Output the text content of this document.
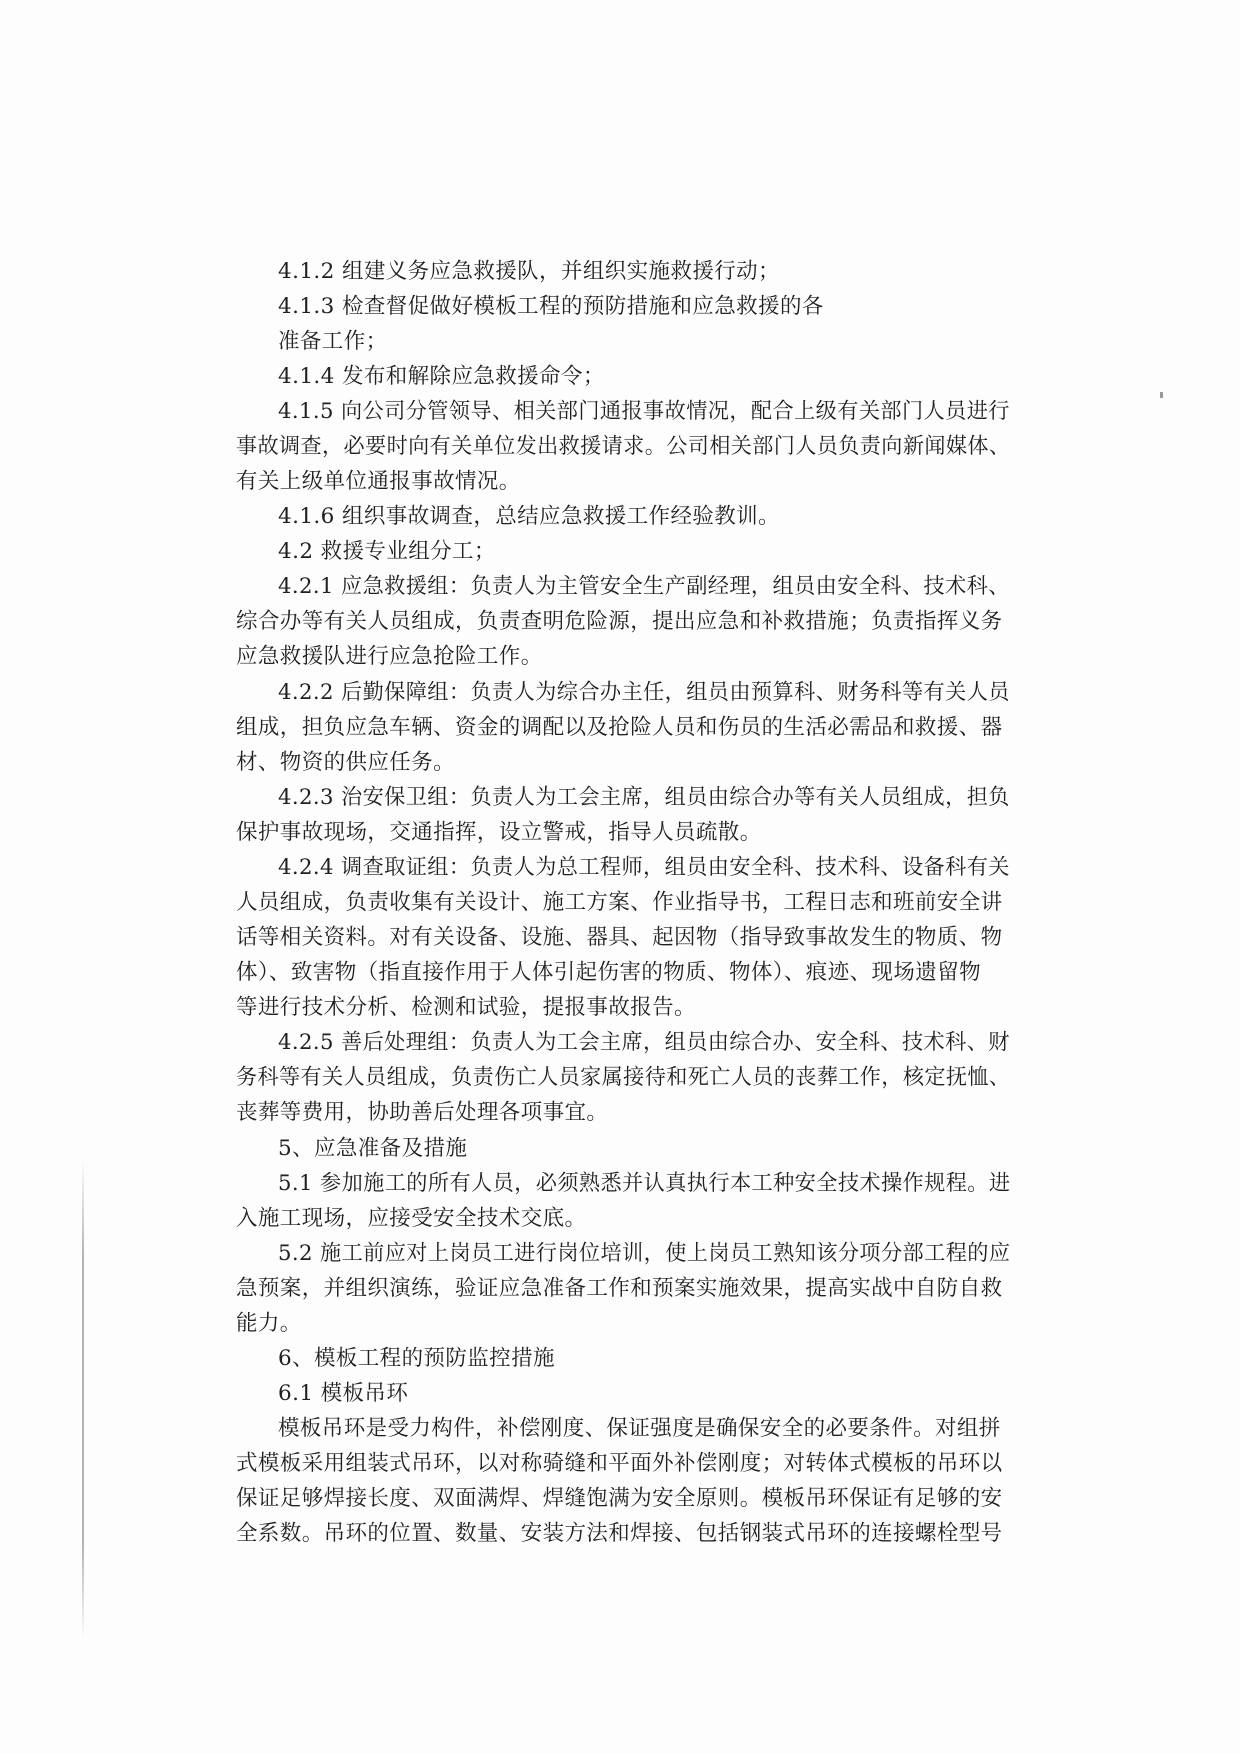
4.1.2 组建义务应急救援队，并组织实施救援行动；
4.1.3 检查督促做好模板工程的预防措施和应急救援的各
准备工作；
4.1.4 发布和解除应急救援命令；
4.1.5 向公司分管领导、相关部门通报事故情况，配合上级有关部门人员进行
事故调查，必要时向有关单位发出救援请求。公司相关部门人员负责向新闻媒体、
有关上级单位通报事故情况。
4.1.6 组织事故调查，总结应急救援工作经验教训。
4.2 救援专业组分工；
4.2.1 应急救援组：负责人为主管安全生产副经理，组员由安全科、技术科、
综合办等有关人员组成，负责查明危险源，提出应急和补救措施；负责指挥义务
应急救援队进行应急抢险工作。
4.2.2 后勤保障组：负责人为综合办主任，组员由预算科、财务科等有关人员
组成，担负应急车辆、资金的调配以及抢险人员和伤员的生活必需品和救援、器
材、物资的供应任务。
4.2.3 治安保卫组：负责人为工会主席，组员由综合办等有关人员组成，担负
保护事故现场，交通指挥，设立警戒，指导人员疏散。
4.2.4 调查取证组：负责人为总工程师，组员由安全科、技术科、设备科有关
人员组成，负责收集有关设计、施工方案、作业指导书，工程日志和班前安全讲
话等相关资料。对有关设备、设施、器具、起因物（指导致事故发生的物质、物
体）、致害物（指直接作用于人体引起伤害的物质、物体）、痕迹、现场遗留物
等进行技术分析、检测和试验，提报事故报告。
4.2.5 善后处理组：负责人为工会主席，组员由综合办、安全科、技术科、财
务科等有关人员组成，负责伤亡人员家属接待和死亡人员的丧葬工作，核定抚恤、
丧葬等费用，协助善后处理各项事宜。
5、应急准备及措施
5.1 参加施工的所有人员，必须熟悉并认真执行本工种安全技术操作规程。进
入施工现场，应接受安全技术交底。
5.2 施工前应对上岗员工进行岗位培训，使上岗员工熟知该分项分部工程的应
急预案，并组织演练，验证应急准备工作和预案实施效果，提高实战中自防自救
能力。
6、模板工程的预防监控措施
6.1 模板吊环
模板吊环是受力构件，补偿刚度、保证强度是确保安全的必要条件。对组拼
式模板采用组装式吊环，以对称骑缝和平面外补偿刚度；对转体式模板的吊环以
保证足够焊接长度、双面满焊、焊缝饱满为安全原则。模板吊环保证有足够的安
全系数。吊环的位置、数量、安装方法和焊接、包括钢装式吊环的连接螺栓型号
